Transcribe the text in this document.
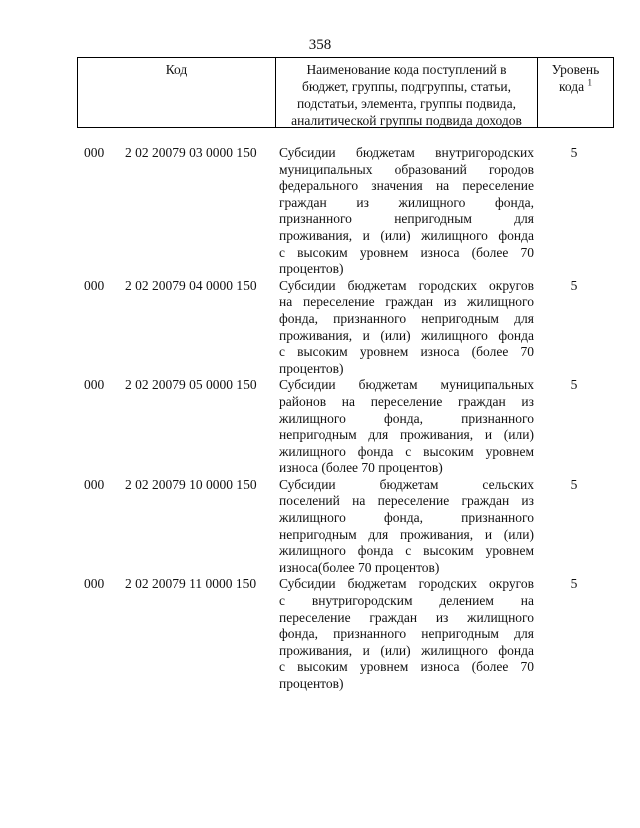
358
Код	Наименование кода поступлений в
бюджет, группы, подгруппы, статьи,
подстатьи, элемента, группы подвида,
аналитической группы подвида доходов
Уровень
кода $^1$
000	2 02 20079 03 0000 150	Субсидии бюджетам внутригородских
муниципальных образований городов
федерального значения на переселение
граждан из жилищного фонда,
признанного непригодным для
проживания, и (или) жилищного фонда
с высоким уровнем износа (более 70
процентов)
5
000	2 02 20079 04 0000 150	Субсидии бюджетам городских округов
на переселение граждан из жилищного
фонда, признанного непригодным для
проживания, и (или) жилищного фонда
с высоким уровнем износа (более 70
процентов)
5
000	2 02 20079 05 0000 150	Субсидии бюджетам муниципальных
районов на переселение граждан из
жилищного фонда, признанного
непригодным для проживания, и (или)
жилищного фонда с высоким уровнем
износа (более 70 процентов)
5
000	2 02 20079 10 0000 150	Субсидии бюджетам сельских
поселений на переселение граждан из
жилищного фонда, признанного
непригодным для проживания, и (или)
жилищного фонда с высоким уровнем
износа(более 70 процентов)
5
000	2 02 20079 11 0000 150	Субсидии бюджетам городских округов
с внутригородским делением на
переселение граждан из жилищного
фонда, признанного непригодным для
проживания, и (или) жилищного фонда
с высоким уровнем износа (более 70
процентов)
5
